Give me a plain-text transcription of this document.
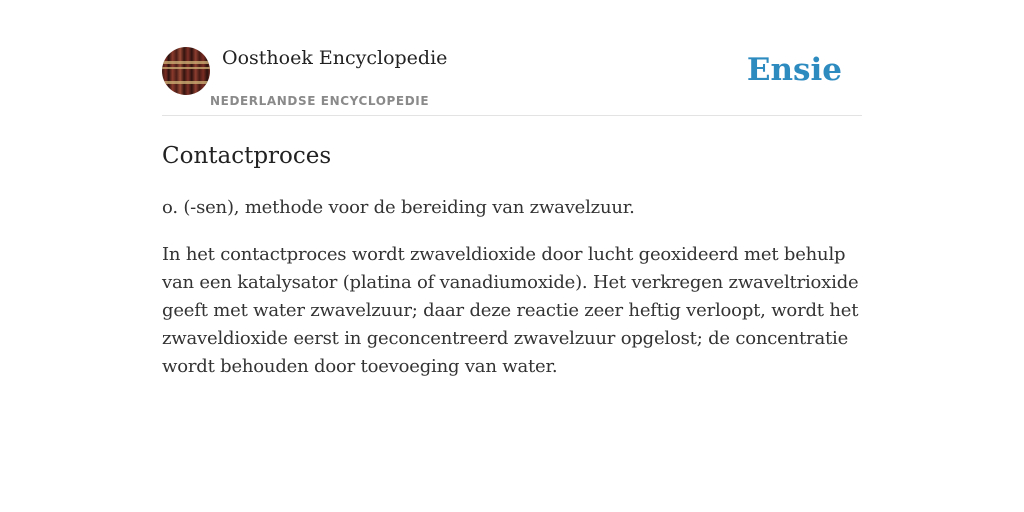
Oosthoek Encyclopedie
NEDERLANDSE ENCYCLOPEDIE
Ensie
Contactproces

o. (-sen), methode voor de bereiding van zwavelzuur.

In het contactproces wordt zwaveldioxide door lucht geoxideerd met behulp van een katalysator (platina of vanadiumoxide). Het verkregen zwaveltrioxide geeft met water zwavelzuur; daar deze reactie zeer heftig verloopt, wordt het zwaveldioxide eerst in geconcentreerd zwavelzuur opgelost; de concentratie wordt behouden door toevoeging van water.
